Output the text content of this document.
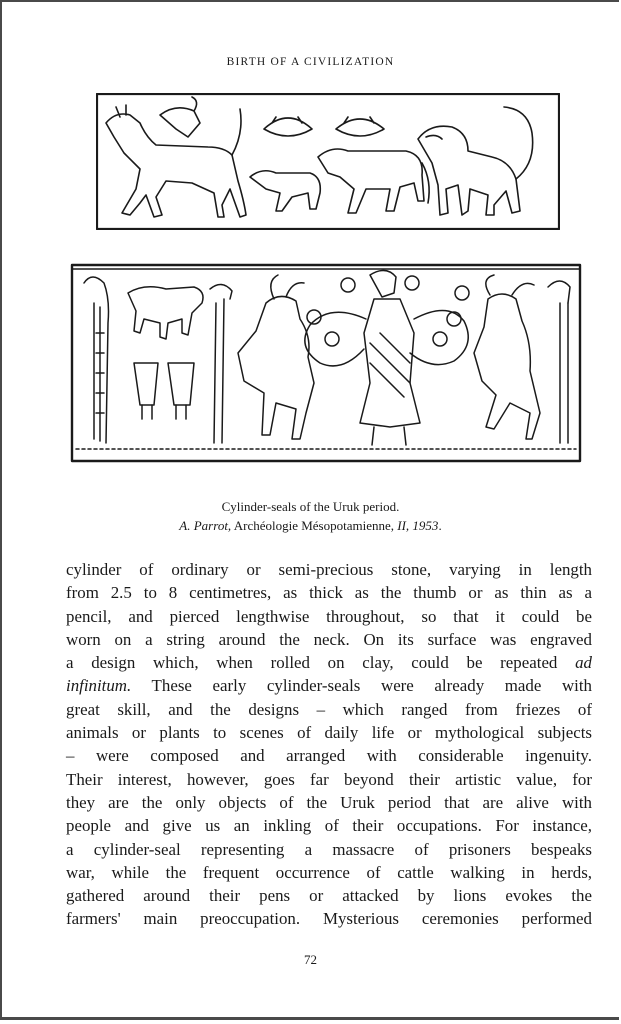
BIRTH OF A CIVILIZATION
Cylinder-seals of the Uruk period.
A. Parrot, Archéologie Mésopotamienne, II, 1953.
cylinder of ordinary or semi-precious stone, varying in length
from 2.5 to 8 centimetres, as thick as the thumb or as thin as a
pencil, and pierced lengthwise throughout, so that it could be
worn on a string around the neck. On its surface was engraved
a design which, when rolled on clay, could be repeated ad
infinitum. These early cylinder-seals were already made with
great skill, and the designs – which ranged from friezes of
animals or plants to scenes of daily life or mythological subjects
– were composed and arranged with considerable ingenuity.
Their interest, however, goes far beyond their artistic value, for
they are the only objects of the Uruk period that are alive with
people and give us an inkling of their occupations. For instance,
a cylinder-seal representing a massacre of prisoners bespeaks
war, while the frequent occurrence of cattle walking in herds,
gathered around their pens or attacked by lions evokes the
farmers' main preoccupation. Mysterious ceremonies performed
72
